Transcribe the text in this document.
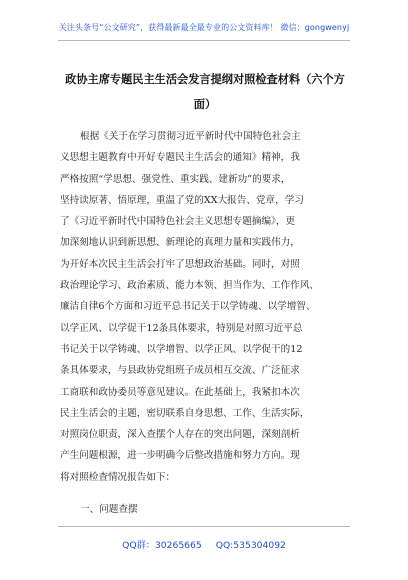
关注头条号“公文研究”，获得最新最全最专业的公文资料库！ 微信：gongwenyj
政协主席专题民主生活会发言提纲对照检查材料（六个方
面）
根据《关于在学习贯彻习近平新时代中国特色社会主
义思想主题教育中开好专题民主生活会的通知》精神，我
严格按照“学思想、强党性、重实践、建新功”的要求，
坚持读原著、悟原理，重温了党的XX大报告、党章，学习
了《习近平新时代中国特色社会主义思想专题摘编》，更
加深刻地认识到新思想、新理论的真理力量和实践伟力，
为开好本次民主生活会打牢了思想政治基础。同时，对照
政治理论学习、政治素质、能力本领、担当作为、工作作风、
廉洁自律6个方面和习近平总书记关于以学铸魂、以学增智、
以学正风、以学促干12条具体要求，特别是对照习近平总
书记关于以学铸魂、以学增智、以学正风、以学促干的12
条具体要求，与县政协党组班子成员相互交流、广泛征求
工商联和政协委员等意见建议。在此基础上，我紧扣本次
民主生活会的主题，密切联系自身思想、工作、生活实际，
对照岗位职责，深入查摆个人存在的突出问题，深刻剖析
产生问题根源，进一步明确今后整改措施和努力方向。现
将对照检查情况报告如下：
一、问题查摆
QQ群：30265665 QQ:535304092
